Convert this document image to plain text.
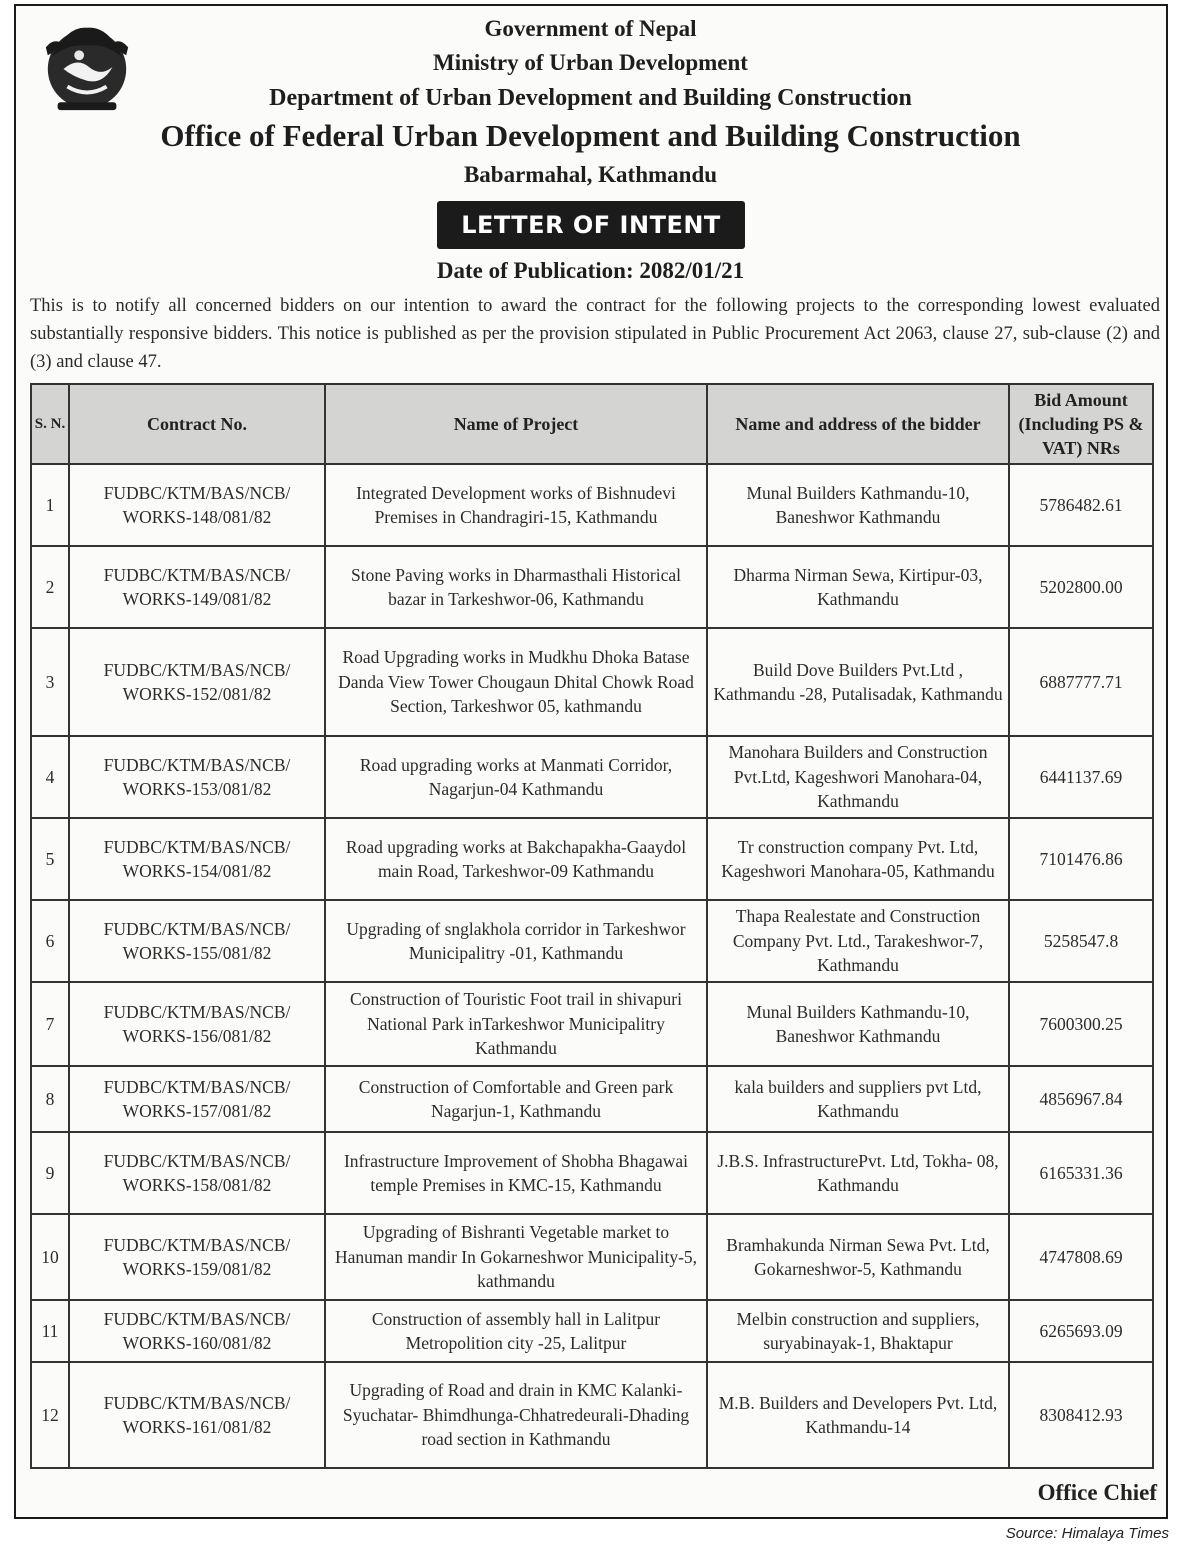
Government of Nepal
Ministry of Urban Development
Department of Urban Development and Building Construction
Office of Federal Urban Development and Building Construction
Babarmahal, Kathmandu
LETTER OF INTENT
Date of Publication: 2082/01/21
This is to notify all concerned bidders on our intention to award the contract for the following projects to the corresponding lowest evaluated substantially responsive bidders. This notice is published as per the provision stipulated in Public Procurement Act 2063, clause 27, sub-clause (2) and (3) and clause 47.
S. N.	Contract No.	Name of Project	Name and address of the bidder	Bid Amount (Including PS & VAT) NRs
1	FUDBC/KTM/BAS/NCB/ WORKS-148/081/82	Integrated Development works of Bishnudevi Premises in Chandragiri-15, Kathmandu	Munal Builders Kathmandu-10, Baneshwor Kathmandu	5786482.61
2	FUDBC/KTM/BAS/NCB/ WORKS-149/081/82	Stone Paving works in Dharmasthali Historical bazar in Tarkeshwor-06, Kathmandu	Dharma Nirman Sewa, Kirtipur-03, Kathmandu	5202800.00
3	FUDBC/KTM/BAS/NCB/ WORKS-152/081/82	Road Upgrading works in Mudkhu Dhoka Batase Danda View Tower Chougaun Dhital Chowk Road Section, Tarkeshwor 05, kathmandu	Build Dove Builders Pvt.Ltd , Kathmandu -28, Putalisadak, Kathmandu	6887777.71
4	FUDBC/KTM/BAS/NCB/ WORKS-153/081/82	Road upgrading works at Manmati Corridor, Nagarjun-04 Kathmandu	Manohara Builders and Construction Pvt.Ltd, Kageshwori Manohara-04, Kathmandu	6441137.69
5	FUDBC/KTM/BAS/NCB/ WORKS-154/081/82	Road upgrading works at Bakchapakha-Gaaydol main Road, Tarkeshwor-09 Kathmandu	Tr construction company Pvt. Ltd, Kageshwori Manohara-05, Kathmandu	7101476.86
6	FUDBC/KTM/BAS/NCB/ WORKS-155/081/82	Upgrading of snglakhola corridor in Tarkeshwor Municipalitry -01, Kathmandu	Thapa Realestate and Construction Company Pvt. Ltd., Tarakeshwor-7, Kathmandu	5258547.8
7	FUDBC/KTM/BAS/NCB/ WORKS-156/081/82	Construction of Touristic Foot trail in shivapuri National Park inTarkeshwor Municipalitry Kathmandu	Munal Builders Kathmandu-10, Baneshwor Kathmandu	7600300.25
8	FUDBC/KTM/BAS/NCB/ WORKS-157/081/82	Construction of Comfortable and Green park Nagarjun-1, Kathmandu	kala builders and suppliers pvt Ltd, Kathmandu	4856967.84
9	FUDBC/KTM/BAS/NCB/ WORKS-158/081/82	Infrastructure Improvement of Shobha Bhagawai temple Premises in KMC-15, Kathmandu	J.B.S. InfrastructurePvt. Ltd, Tokha- 08, Kathmandu	6165331.36
10	FUDBC/KTM/BAS/NCB/ WORKS-159/081/82	Upgrading of Bishranti Vegetable market to Hanuman mandir In Gokarneshwor Municipality-5, kathmandu	Bramhakunda Nirman Sewa Pvt. Ltd, Gokarneshwor-5, Kathmandu	4747808.69
11	FUDBC/KTM/BAS/NCB/ WORKS-160/081/82	Construction of assembly hall in Lalitpur Metropolition city -25, Lalitpur	Melbin construction and suppliers, suryabinayak-1, Bhaktapur	6265693.09
12	FUDBC/KTM/BAS/NCB/ WORKS-161/081/82	Upgrading of Road and drain in KMC Kalanki- Syuchatar- Bhimdhunga-Chhatredeurali-Dhading road section in Kathmandu	M.B. Builders and Developers Pvt. Ltd, Kathmandu-14	8308412.93
Office Chief
Source: Himalaya Times
